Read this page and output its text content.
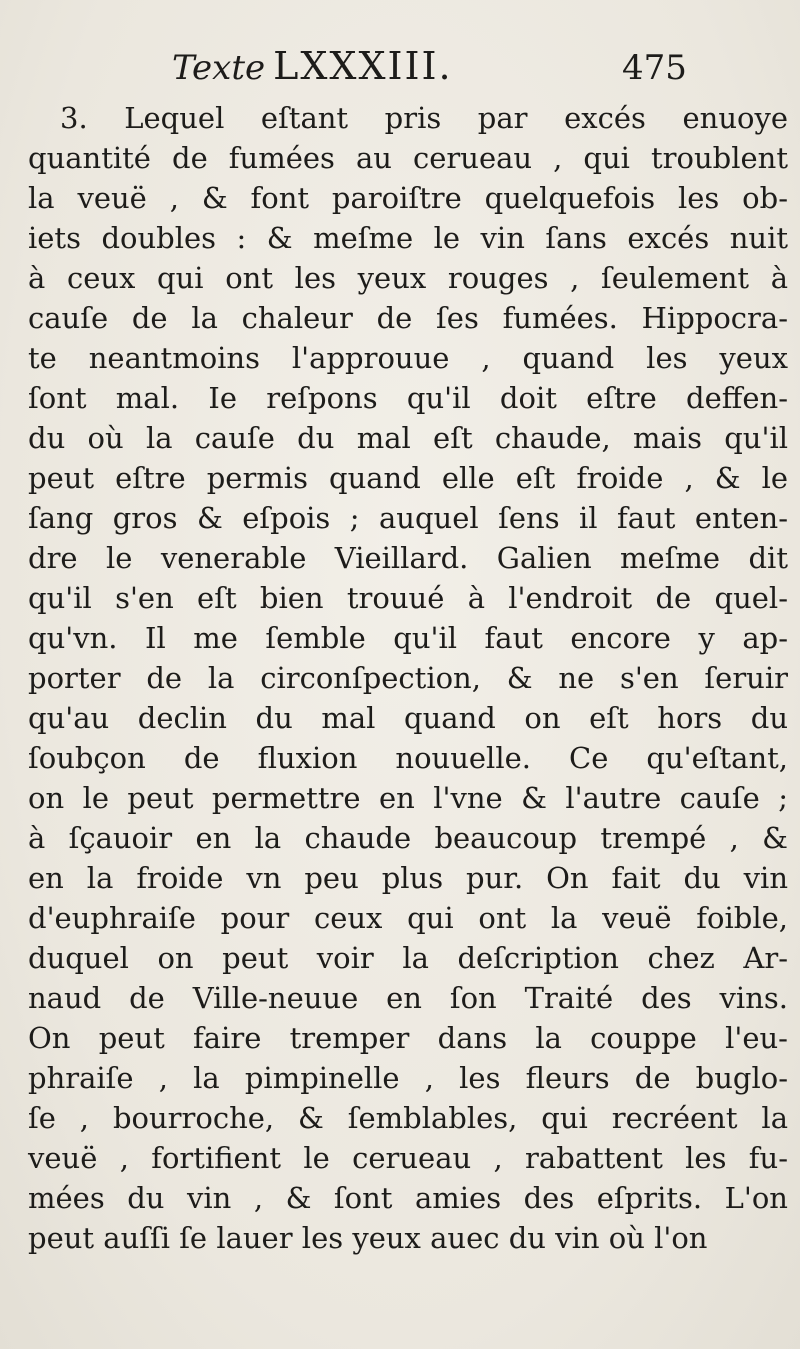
Texte LXXXIII.	475
3. Lequel eſtant pris par excés enuoye
quantité de fumées au cerueau , qui troublent
la veuë , & font paroiſtre quelquefois les ob-
iets doubles : & meſme le vin ſans excés nuit
à ceux qui ont les yeux rouges , ſeulement à
cauſe de la chaleur de ſes fumées. Hippocra-
te neantmoins l'approuue , quand les yeux
ſont mal. Ie reſpons qu'il doit eſtre deffen-
du où la cauſe du mal eſt chaude, mais qu'il
peut eſtre permis quand elle eſt froide , & le
ſang gros & eſpois ; auquel ſens il faut enten-
dre le venerable Vieillard. Galien meſme dit
qu'il s'en eſt bien trouué à l'endroit de quel-
qu'vn. Il me ſemble qu'il faut encore y ap-
porter de la circonſpection, & ne s'en ſeruir
qu'au declin du mal quand on eſt hors du
ſoubçon de fluxion nouuelle. Ce qu'eſtant,
on le peut permettre en l'vne & l'autre cauſe ;
à ſçauoir en la chaude beaucoup trempé , &
en la froide vn peu plus pur. On fait du vin
d'euphraiſe pour ceux qui ont la veuë foible,
duquel on peut voir la deſcription chez Ar-
naud de Ville-neuue en ſon Traité des vins.
On peut faire tremper dans la couppe l'eu-
phraiſe , la pimpinelle , les fleurs de buglo-
ſe , bourroche, & ſemblables, qui recréent la
veuë , fortifient le cerueau , rabattent les fu-
mées du vin , & ſont amies des eſprits. L'on
peut auſſi ſe lauer les yeux auec du vin où l'on
